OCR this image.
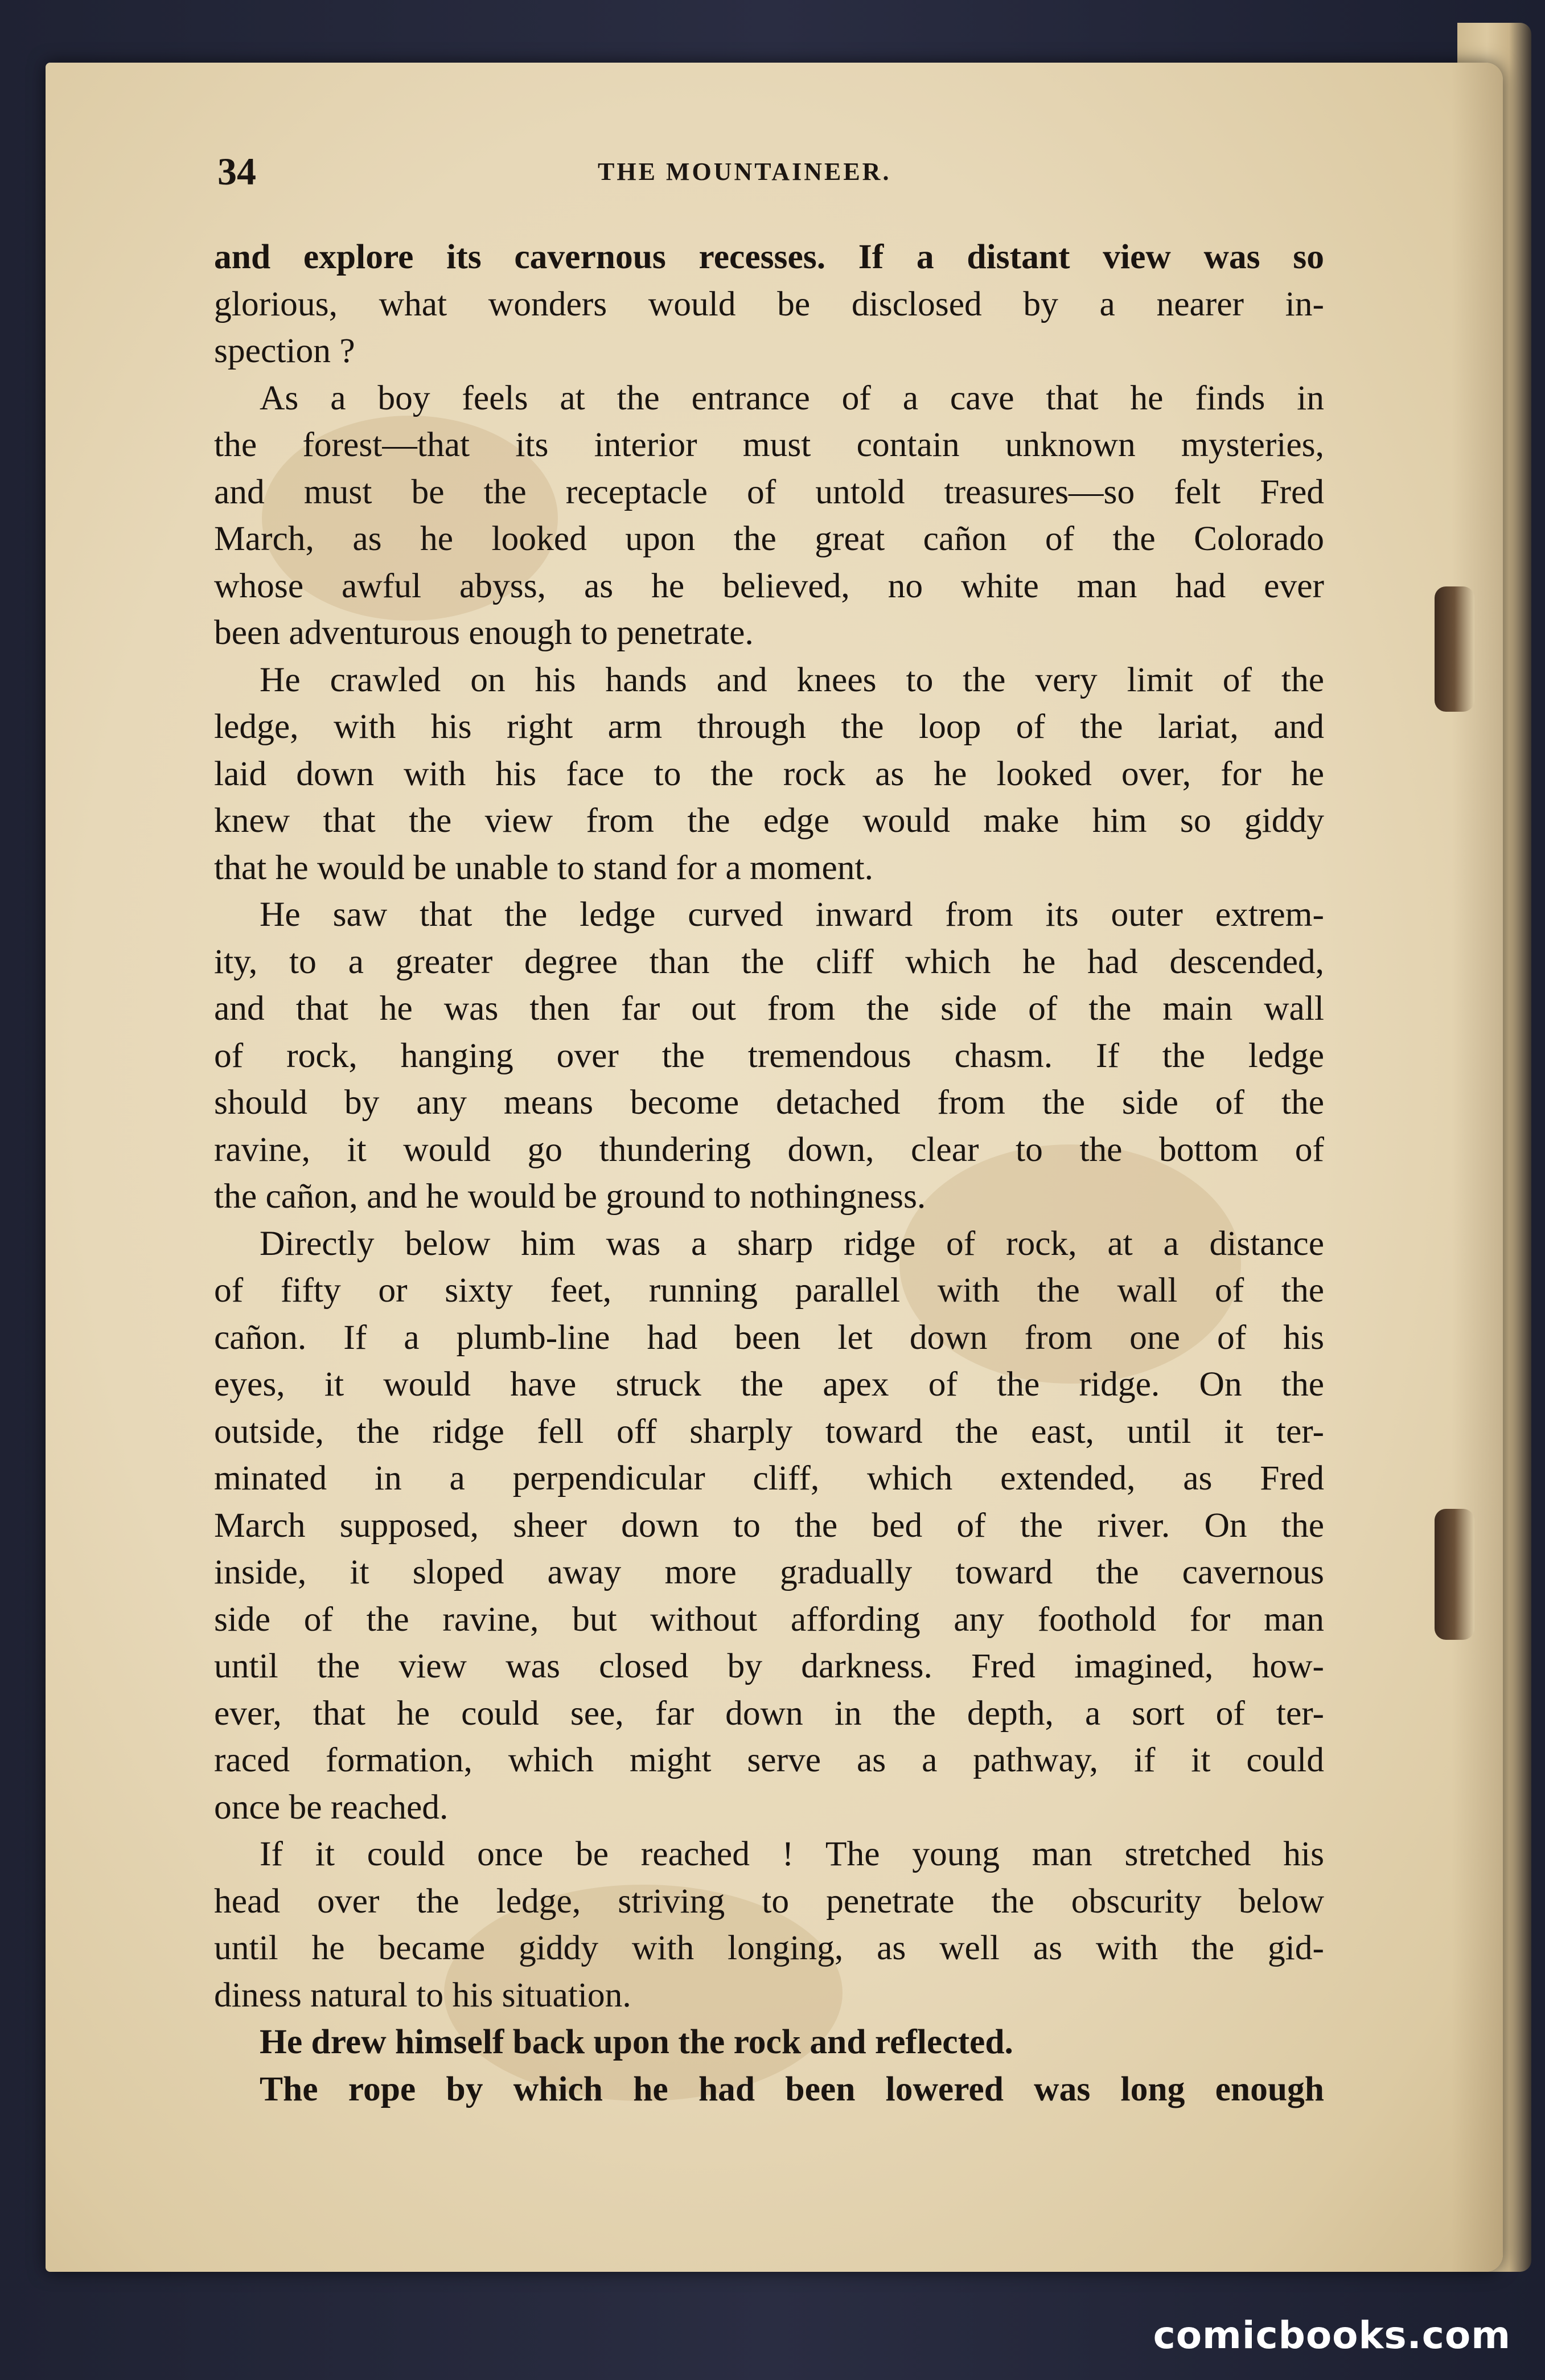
34	THE MOUNTAINEER.
and explore its cavernous recesses. If a distant view was so
glorious, what wonders would be disclosed by a nearer in-
spection ?
As a boy feels at the entrance of a cave that he finds in
the forest—that its interior must contain unknown mysteries,
and must be the receptacle of untold treasures—so felt Fred
March, as he looked upon the great cañon of the Colorado
whose awful abyss, as he believed, no white man had ever
been adventurous enough to penetrate.
He crawled on his hands and knees to the very limit of the
ledge, with his right arm through the loop of the lariat, and
laid down with his face to the rock as he looked over, for he
knew that the view from the edge would make him so giddy
that he would be unable to stand for a moment.
He saw that the ledge curved inward from its outer extrem-
ity, to a greater degree than the cliff which he had descended,
and that he was then far out from the side of the main wall
of rock, hanging over the tremendous chasm. If the ledge
should by any means become detached from the side of the
ravine, it would go thundering down, clear to the bottom of
the cañon, and he would be ground to nothingness.
Directly below him was a sharp ridge of rock, at a distance
of fifty or sixty feet, running parallel with the wall of the
cañon. If a plumb-line had been let down from one of his
eyes, it would have struck the apex of the ridge. On the
outside, the ridge fell off sharply toward the east, until it ter-
minated in a perpendicular cliff, which extended, as Fred
March supposed, sheer down to the bed of the river. On the
inside, it sloped away more gradually toward the cavernous
side of the ravine, but without affording any foothold for man
until the view was closed by darkness. Fred imagined, how-
ever, that he could see, far down in the depth, a sort of ter-
raced formation, which might serve as a pathway, if it could
once be reached.
If it could once be reached ! The young man stretched his
head over the ledge, striving to penetrate the obscurity below
until he became giddy with longing, as well as with the gid-
diness natural to his situation.
He drew himself back upon the rock and reflected.
The rope by which he had been lowered was long enough
comicbooks.com
